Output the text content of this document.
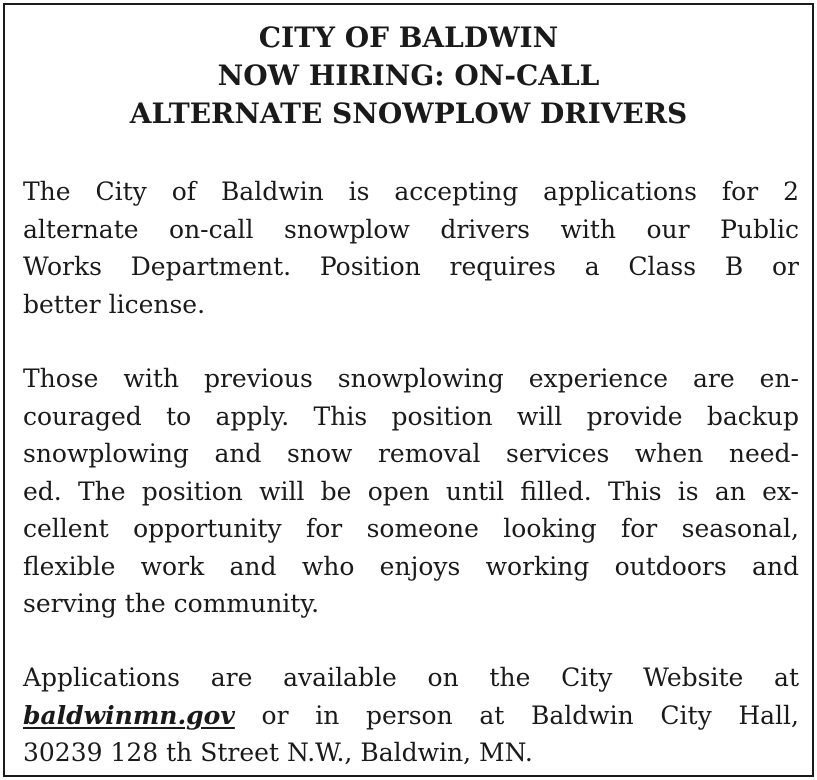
CITY OF BALDWIN
NOW HIRING: ON-CALL
ALTERNATE SNOWPLOW DRIVERS
The City of Baldwin is accepting applications for 2
alternate on-call snowplow drivers with our Public
Works Department. Position requires a Class B or
better license.
Those with previous snowplowing experience are en-
couraged to apply. This position will provide backup
snowplowing and snow removal services when need-
ed. The position will be open until filled. This is an ex-
cellent opportunity for someone looking for seasonal,
flexible work and who enjoys working outdoors and
serving the community.
Applications are available on the City Website at
baldwinmn.gov or in person at Baldwin City Hall,
30239 128 th Street N.W., Baldwin, MN.
